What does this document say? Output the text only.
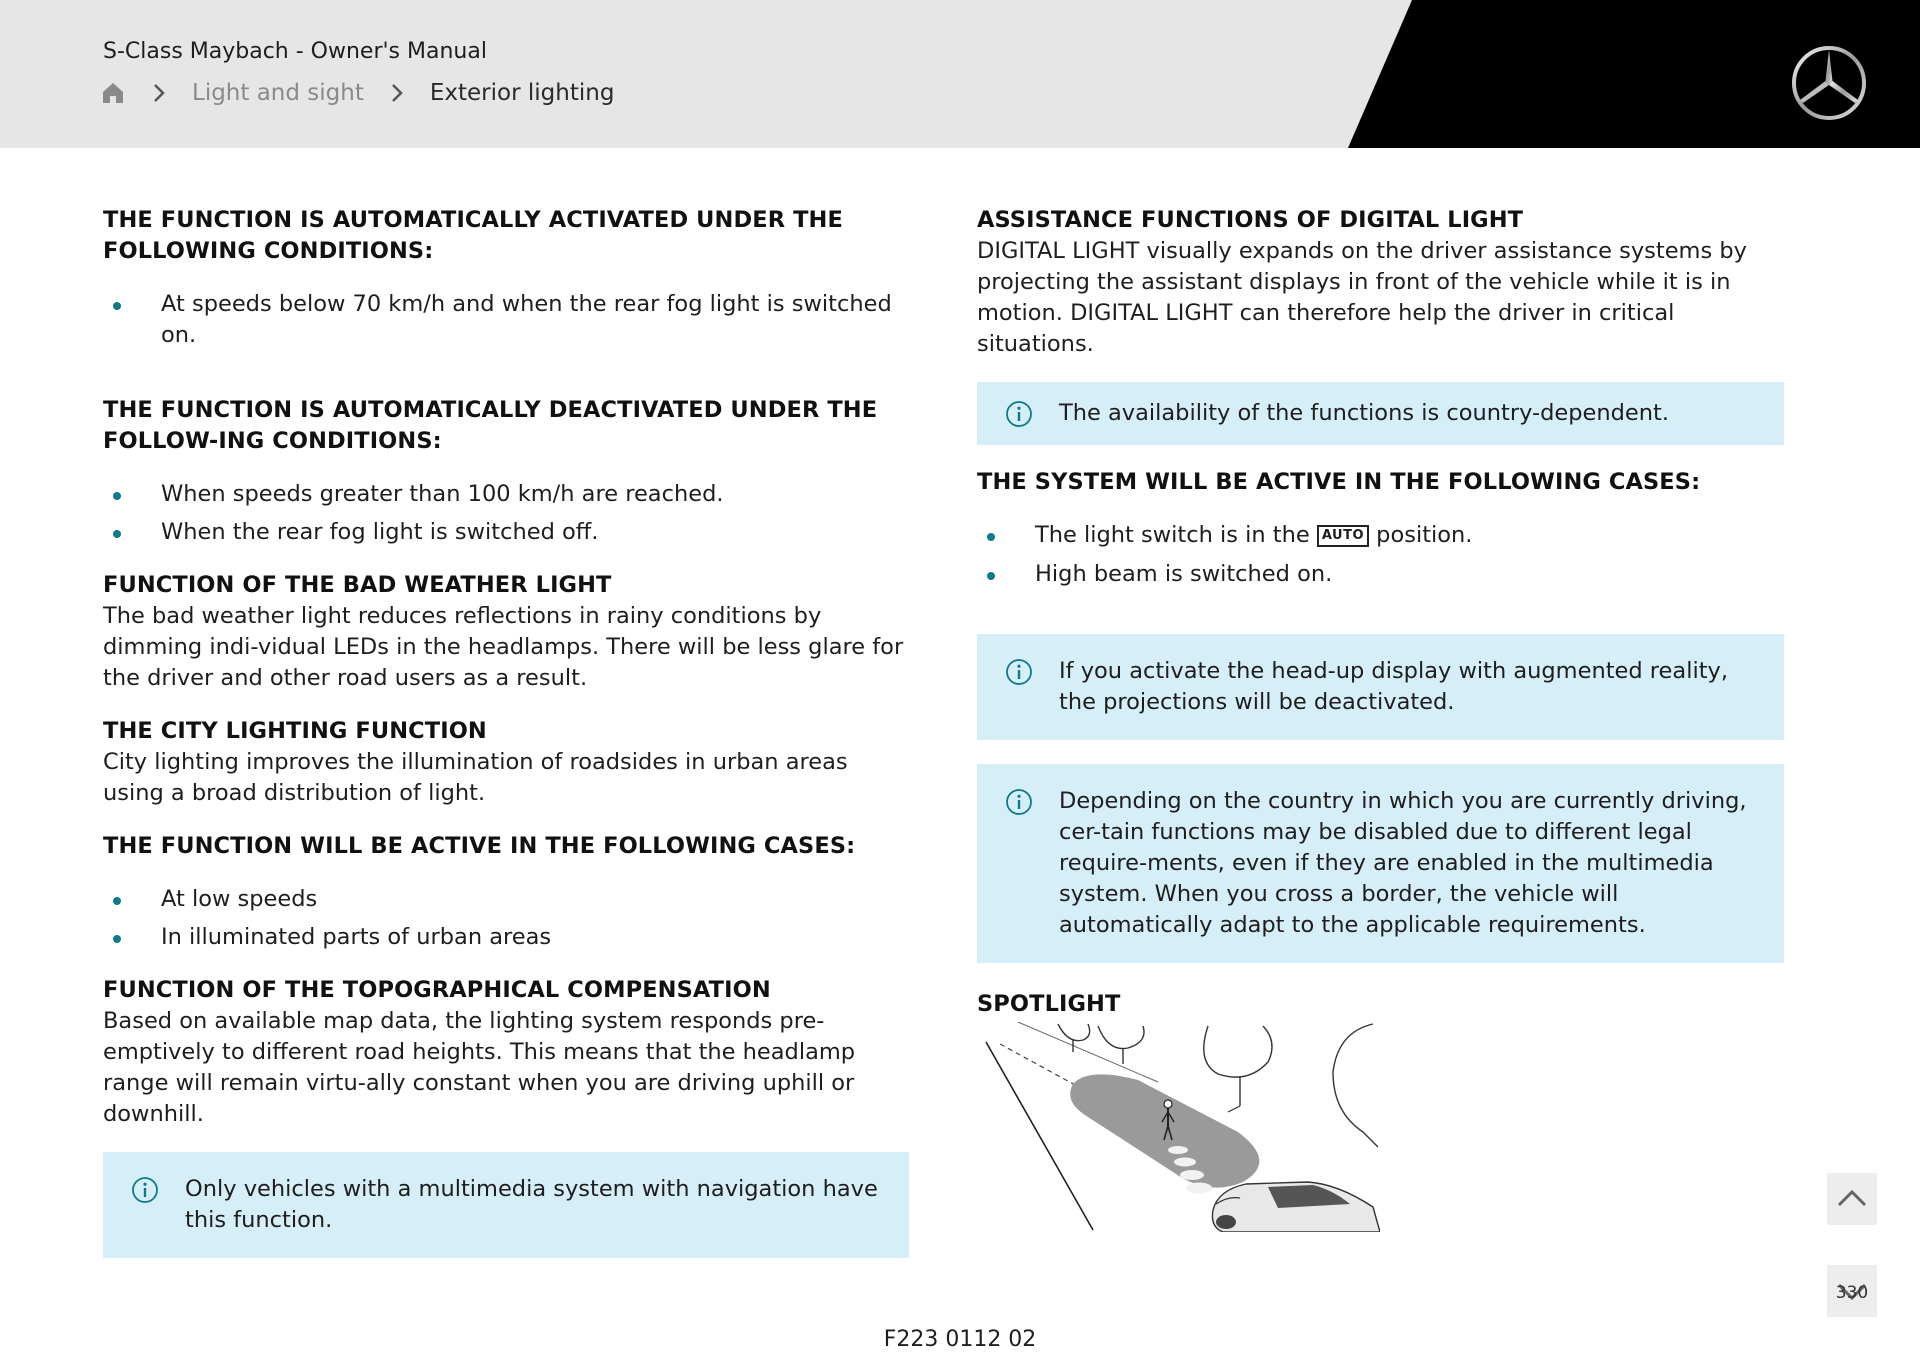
S-Class Maybach - Owner's Manual
Light and sight	Exterior lighting
THE FUNCTION IS AUTOMATICALLY ACTIVATED UNDER THE FOLLOWING CONDITIONS:
At speeds below 70 km/h and when the rear fog light is switched on.
THE FUNCTION IS AUTOMATICALLY DEACTIVATED UNDER THE FOLLOW-ING CONDITIONS:
When speeds greater than 100 km/h are reached.
When the rear fog light is switched off.
FUNCTION OF THE BAD WEATHER LIGHT
The bad weather light reduces reflections in rainy conditions by dimming indi-vidual LEDs in the headlamps. There will be less glare for the driver and other road users as a result.
THE CITY LIGHTING FUNCTION
City lighting improves the illumination of roadsides in urban areas using a broad distribution of light.
THE FUNCTION WILL BE ACTIVE IN THE FOLLOWING CASES:
At low speeds
In illuminated parts of urban areas
FUNCTION OF THE TOPOGRAPHICAL COMPENSATION
Based on available map data, the lighting system responds pre-emptively to different road heights. This means that the headlamp range will remain virtu-ally constant when you are driving uphill or downhill.
Only vehicles with a multimedia system with navigation have this function.
ASSISTANCE FUNCTIONS OF DIGITAL LIGHT
DIGITAL LIGHT visually expands on the driver assistance systems by projecting the assistant displays in front of the vehicle while it is in motion. DIGITAL LIGHT can therefore help the driver in critical situations.
The availability of the functions is country-dependent.
THE SYSTEM WILL BE ACTIVE IN THE FOLLOWING CASES:
The light switch is in the AUTO position.
High beam is switched on.
If you activate the head-up display with augmented reality, the projections will be deactivated.
Depending on the country in which you are currently driving, cer-tain functions may be disabled due to different legal require-ments, even if they are enabled in the multimedia system. When you cross a border, the vehicle will automatically adapt to the applicable requirements.
SPOTLIGHT
330
F223 0112 02
